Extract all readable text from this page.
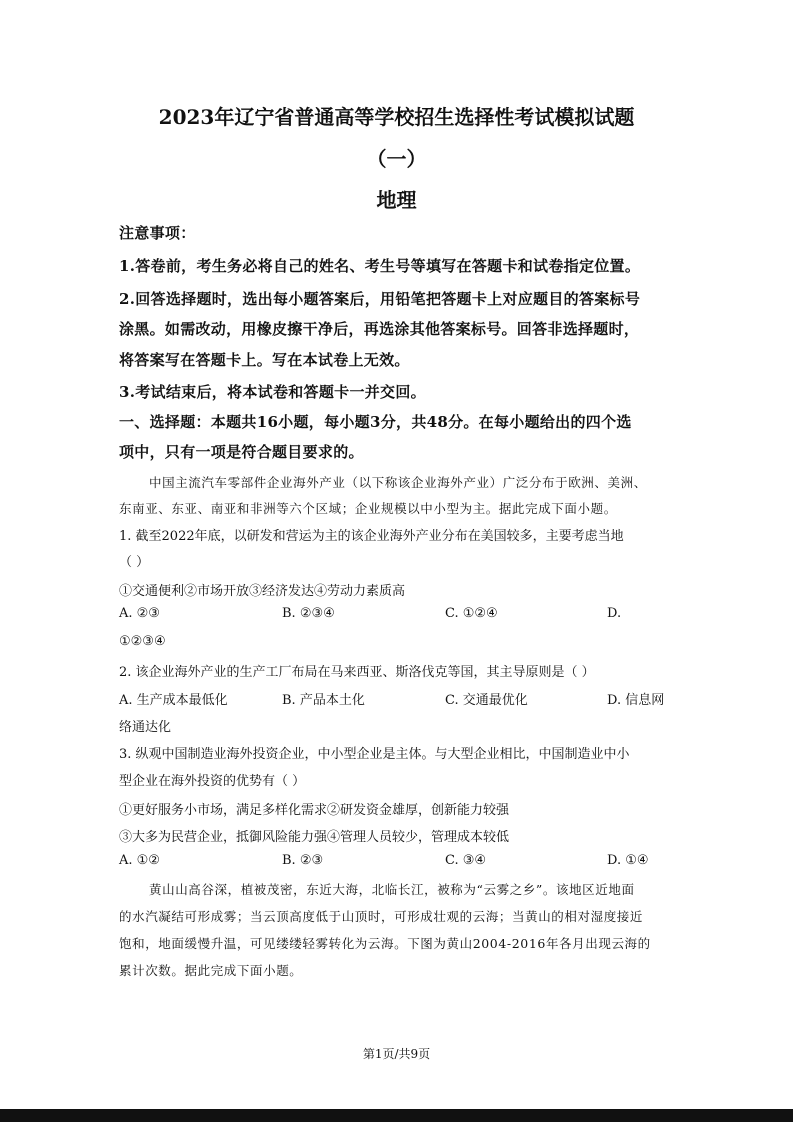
2023年辽宁省普通高等学校招生选择性考试模拟试题
（一）
地理
注意事项：
1.答卷前，考生务必将自己的姓名、考生号等填写在答题卡和试卷指定位置。
2.回答选择题时，选出每小题答案后，用铅笔把答题卡上对应题目的答案标号
涂黑。如需改动，用橡皮擦干净后，再选涂其他答案标号。回答非选择题时，
将答案写在答题卡上。写在本试卷上无效。
3.考试结束后，将本试卷和答题卡一并交回。
一、选择题：本题共16小题，每小题3分，共48分。在每小题给出的四个选
项中，只有一项是符合题目要求的。
中国主流汽车零部件企业海外产业（以下称该企业海外产业）广泛分布于欧洲、美洲、
东南亚、东亚、南亚和非洲等六个区域；企业规模以中小型为主。据此完成下面小题。
1. 截至2022年底，以研发和营运为主的该企业海外产业分布在美国较多，主要考虑当地
（ ）
①交通便利②市场开放③经济发达④劳动力素质高
A. ②③	B. ②③④	C. ①②④	D.
①②③④
2. 该企业海外产业的生产工厂布局在马来西亚、斯洛伐克等国，其主导原则是（ ）
A. 生产成本最低化	B. 产品本土化	C. 交通最优化	D. 信息网
络通达化
3. 纵观中国制造业海外投资企业，中小型企业是主体。与大型企业相比，中国制造业中小
型企业在海外投资的优势有（ ）
①更好服务小市场，满足多样化需求②研发资金雄厚，创新能力较强
③大多为民营企业，抵御风险能力强④管理人员较少，管理成本较低
A. ①②	B. ②③	C. ③④	D. ①④
黄山山高谷深，植被茂密，东近大海，北临长江，被称为“云雾之乡”。该地区近地面
的水汽凝结可形成雾；当云顶高度低于山顶时，可形成壮观的云海；当黄山的相对湿度接近
饱和，地面缓慢升温，可见缕缕轻雾转化为云海。下图为黄山2004-2016年各月出现云海的
累计次数。据此完成下面小题。
第1页/共9页
